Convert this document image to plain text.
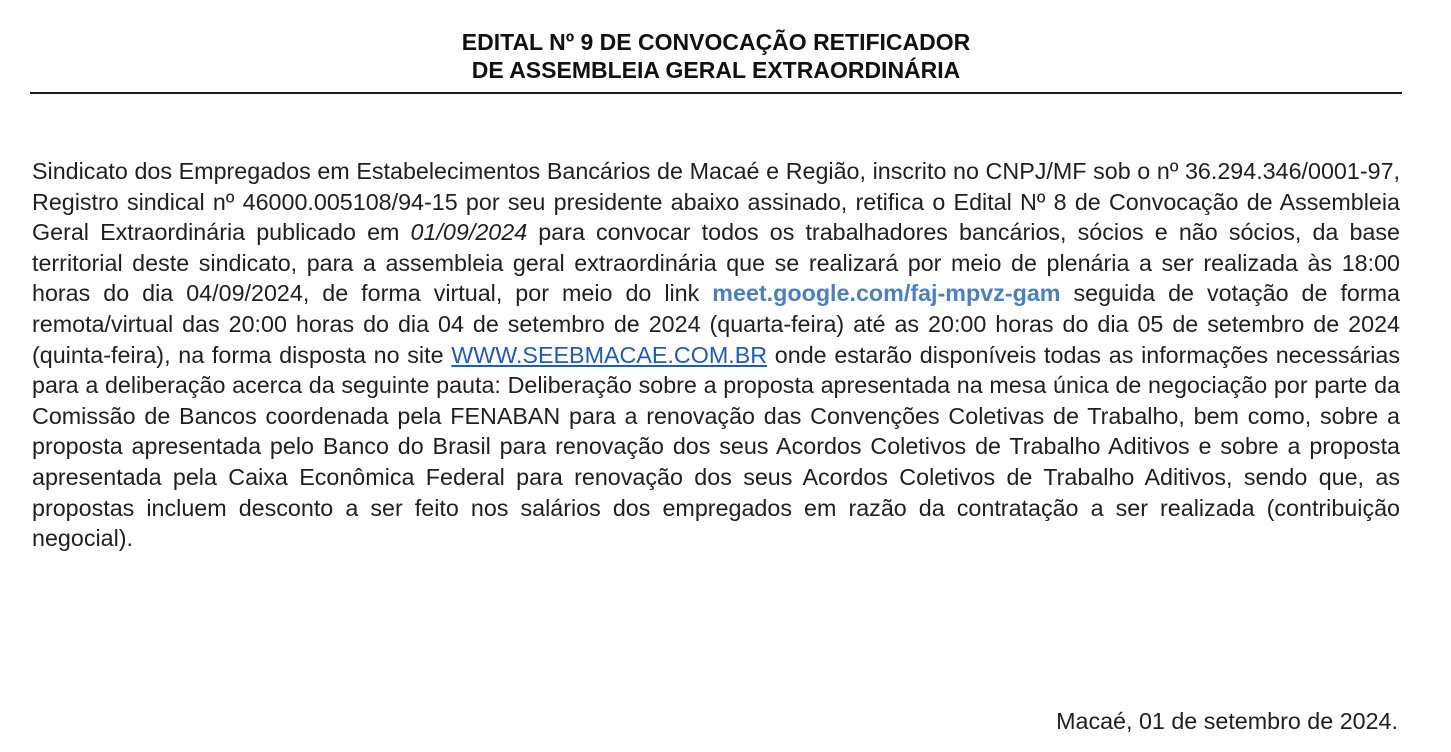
EDITAL Nº 9 DE CONVOCAÇÃO RETIFICADOR
DE ASSEMBLEIA GERAL EXTRAORDINÁRIA
Sindicato dos Empregados em Estabelecimentos Bancários de Macaé e Região, inscrito no CNPJ/MF sob o nº 36.294.346/0001-97, Registro sindical nº 46000.005108/94-15 por seu presidente abaixo assinado, retifica o Edital Nº 8 de Convocação de Assembleia Geral Extraordinária publicado em 01/09/2024 para convocar todos os trabalhadores bancários, sócios e não sócios, da base territorial deste sindicato, para a assembleia geral extraordinária que se realizará por meio de plenária a ser realizada às 18:00 horas do dia 04/09/2024, de forma virtual, por meio do link meet.google.com/faj-mpvz-gam seguida de votação de forma remota/virtual das 20:00 horas do dia 04 de setembro de 2024 (quarta-feira) até as 20:00 horas do dia 05 de setembro de 2024 (quinta-feira), na forma disposta no site WWW.SEEBMACAE.COM.BR onde estarão disponíveis todas as informações necessárias para a deliberação acerca da seguinte pauta: Deliberação sobre a proposta apresentada na mesa única de negociação por parte da Comissão de Bancos coordenada pela FENABAN para a renovação das Convenções Coletivas de Trabalho, bem como, sobre a proposta apresentada pelo Banco do Brasil para renovação dos seus Acordos Coletivos de Trabalho Aditivos e sobre a proposta apresentada pela Caixa Econômica Federal para renovação dos seus Acordos Coletivos de Trabalho Aditivos, sendo que, as propostas incluem desconto a ser feito nos salários dos empregados em razão da contratação a ser realizada (contribuição negocial).
Macaé, 01 de setembro de 2024.
